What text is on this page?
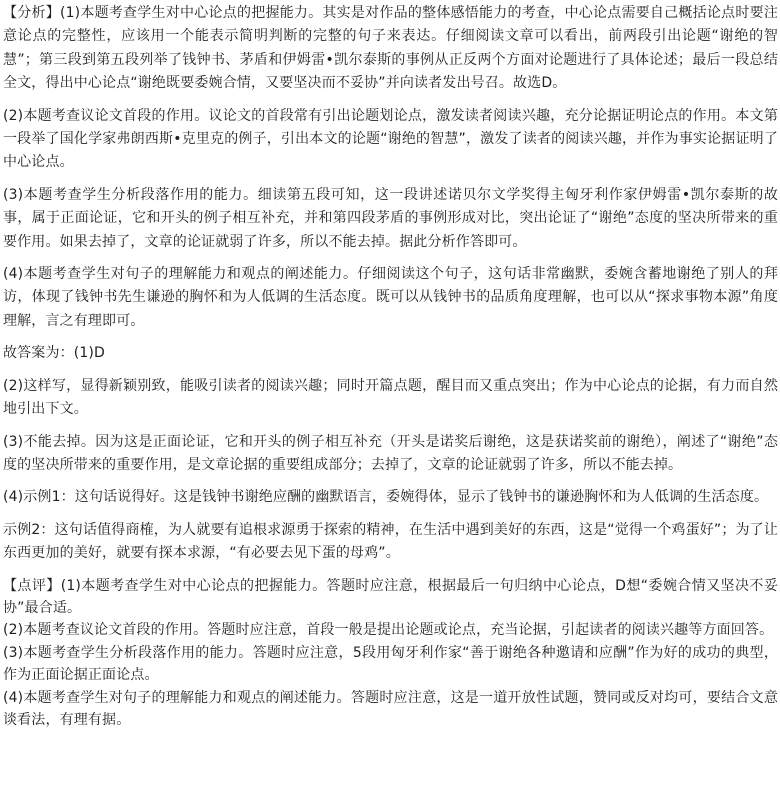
【分析】(1)本题考查学生对中心论点的把握能力。其实是对作品的整体感悟能力的考查，中心论点需要自己概括论点时要注意论点的完整性，应该用一个能表示简明判断的完整的句子来表达。仔细阅读文章可以看出，前两段引出论题“谢绝的智慧”；第三段到第五段列举了钱钟书、茅盾和伊姆雷•凯尔泰斯的事例从正反两个方面对论题进行了具体论述；最后一段总结全文，得出中心论点“谢绝既要委婉合情，又要坚决而不妥协”并向读者发出号召。故选D。

(2)本题考查议论文首段的作用。议论文的首段常有引出论题划论点，激发读者阅读兴趣，充分论据证明论点的作用。本文第一段举了国化学家弗朗西斯•克里克的例子，引出本文的论题“谢绝的智慧”，激发了读者的阅读兴趣，并作为事实论据证明了中心论点。

(3)本题考查学生分析段落作用的能力。细读第五段可知，这一段讲述诺贝尔文学奖得主匈牙利作家伊姆雷•凯尔泰斯的故事，属于正面论证，它和开头的例子相互补充，并和第四段茅盾的事例形成对比，突出论证了“谢绝”态度的坚决所带来的重要作用。如果去掉了，文章的论证就弱了许多，所以不能去掉。据此分析作答即可。

(4)本题考查学生对句子的理解能力和观点的阐述能力。仔细阅读这个句子，这句话非常幽默，委婉含蓄地谢绝了别人的拜访，体现了钱钟书先生谦逊的胸怀和为人低调的生活态度。既可以从钱钟书的品质角度理解，也可以从“探求事物本源”角度理解，言之有理即可。

故答案为：(1)D

(2)这样写，显得新颖别致，能吸引读者的阅读兴趣；同时开篇点题，醒目而又重点突出；作为中心论点的论据，有力而自然地引出下文。

(3)不能去掉。因为这是正面论证，它和开头的例子相互补充（开头是诺奖后谢绝，这是获诺奖前的谢绝），阐述了“谢绝”态度的坚决所带来的重要作用，是文章论据的重要组成部分；去掉了，文章的论证就弱了许多，所以不能去掉。

(4)示例1：这句话说得好。这是钱钟书谢绝应酬的幽默语言，委婉得体，显示了钱钟书的谦逊胸怀和为人低调的生活态度。

示例2：这句话值得商榷，为人就要有追根求源勇于探索的精神，在生活中遇到美好的东西，这是“觉得一个鸡蛋好”；为了让东西更加的美好，就要有探本求源，“有必要去见下蛋的母鸡”。

【点评】(1)本题考查学生对中心论点的把握能力。答题时应注意，根据最后一句归纳中心论点，D想“委婉合情又坚决不妥协”最合适。

(2)本题考查议论文首段的作用。答题时应注意，首段一般是提出论题或论点，充当论据，引起读者的阅读兴趣等方面回答。

(3)本题考查学生分析段落作用的能力。答题时应注意，5段用匈牙利作家“善于谢绝各种邀请和应酬”作为好的成功的典型，作为正面论据正面论点。

(4)本题考查学生对句子的理解能力和观点的阐述能力。答题时应注意，这是一道开放性试题，赞同或反对均可，要结合文意谈看法，有理有据。
